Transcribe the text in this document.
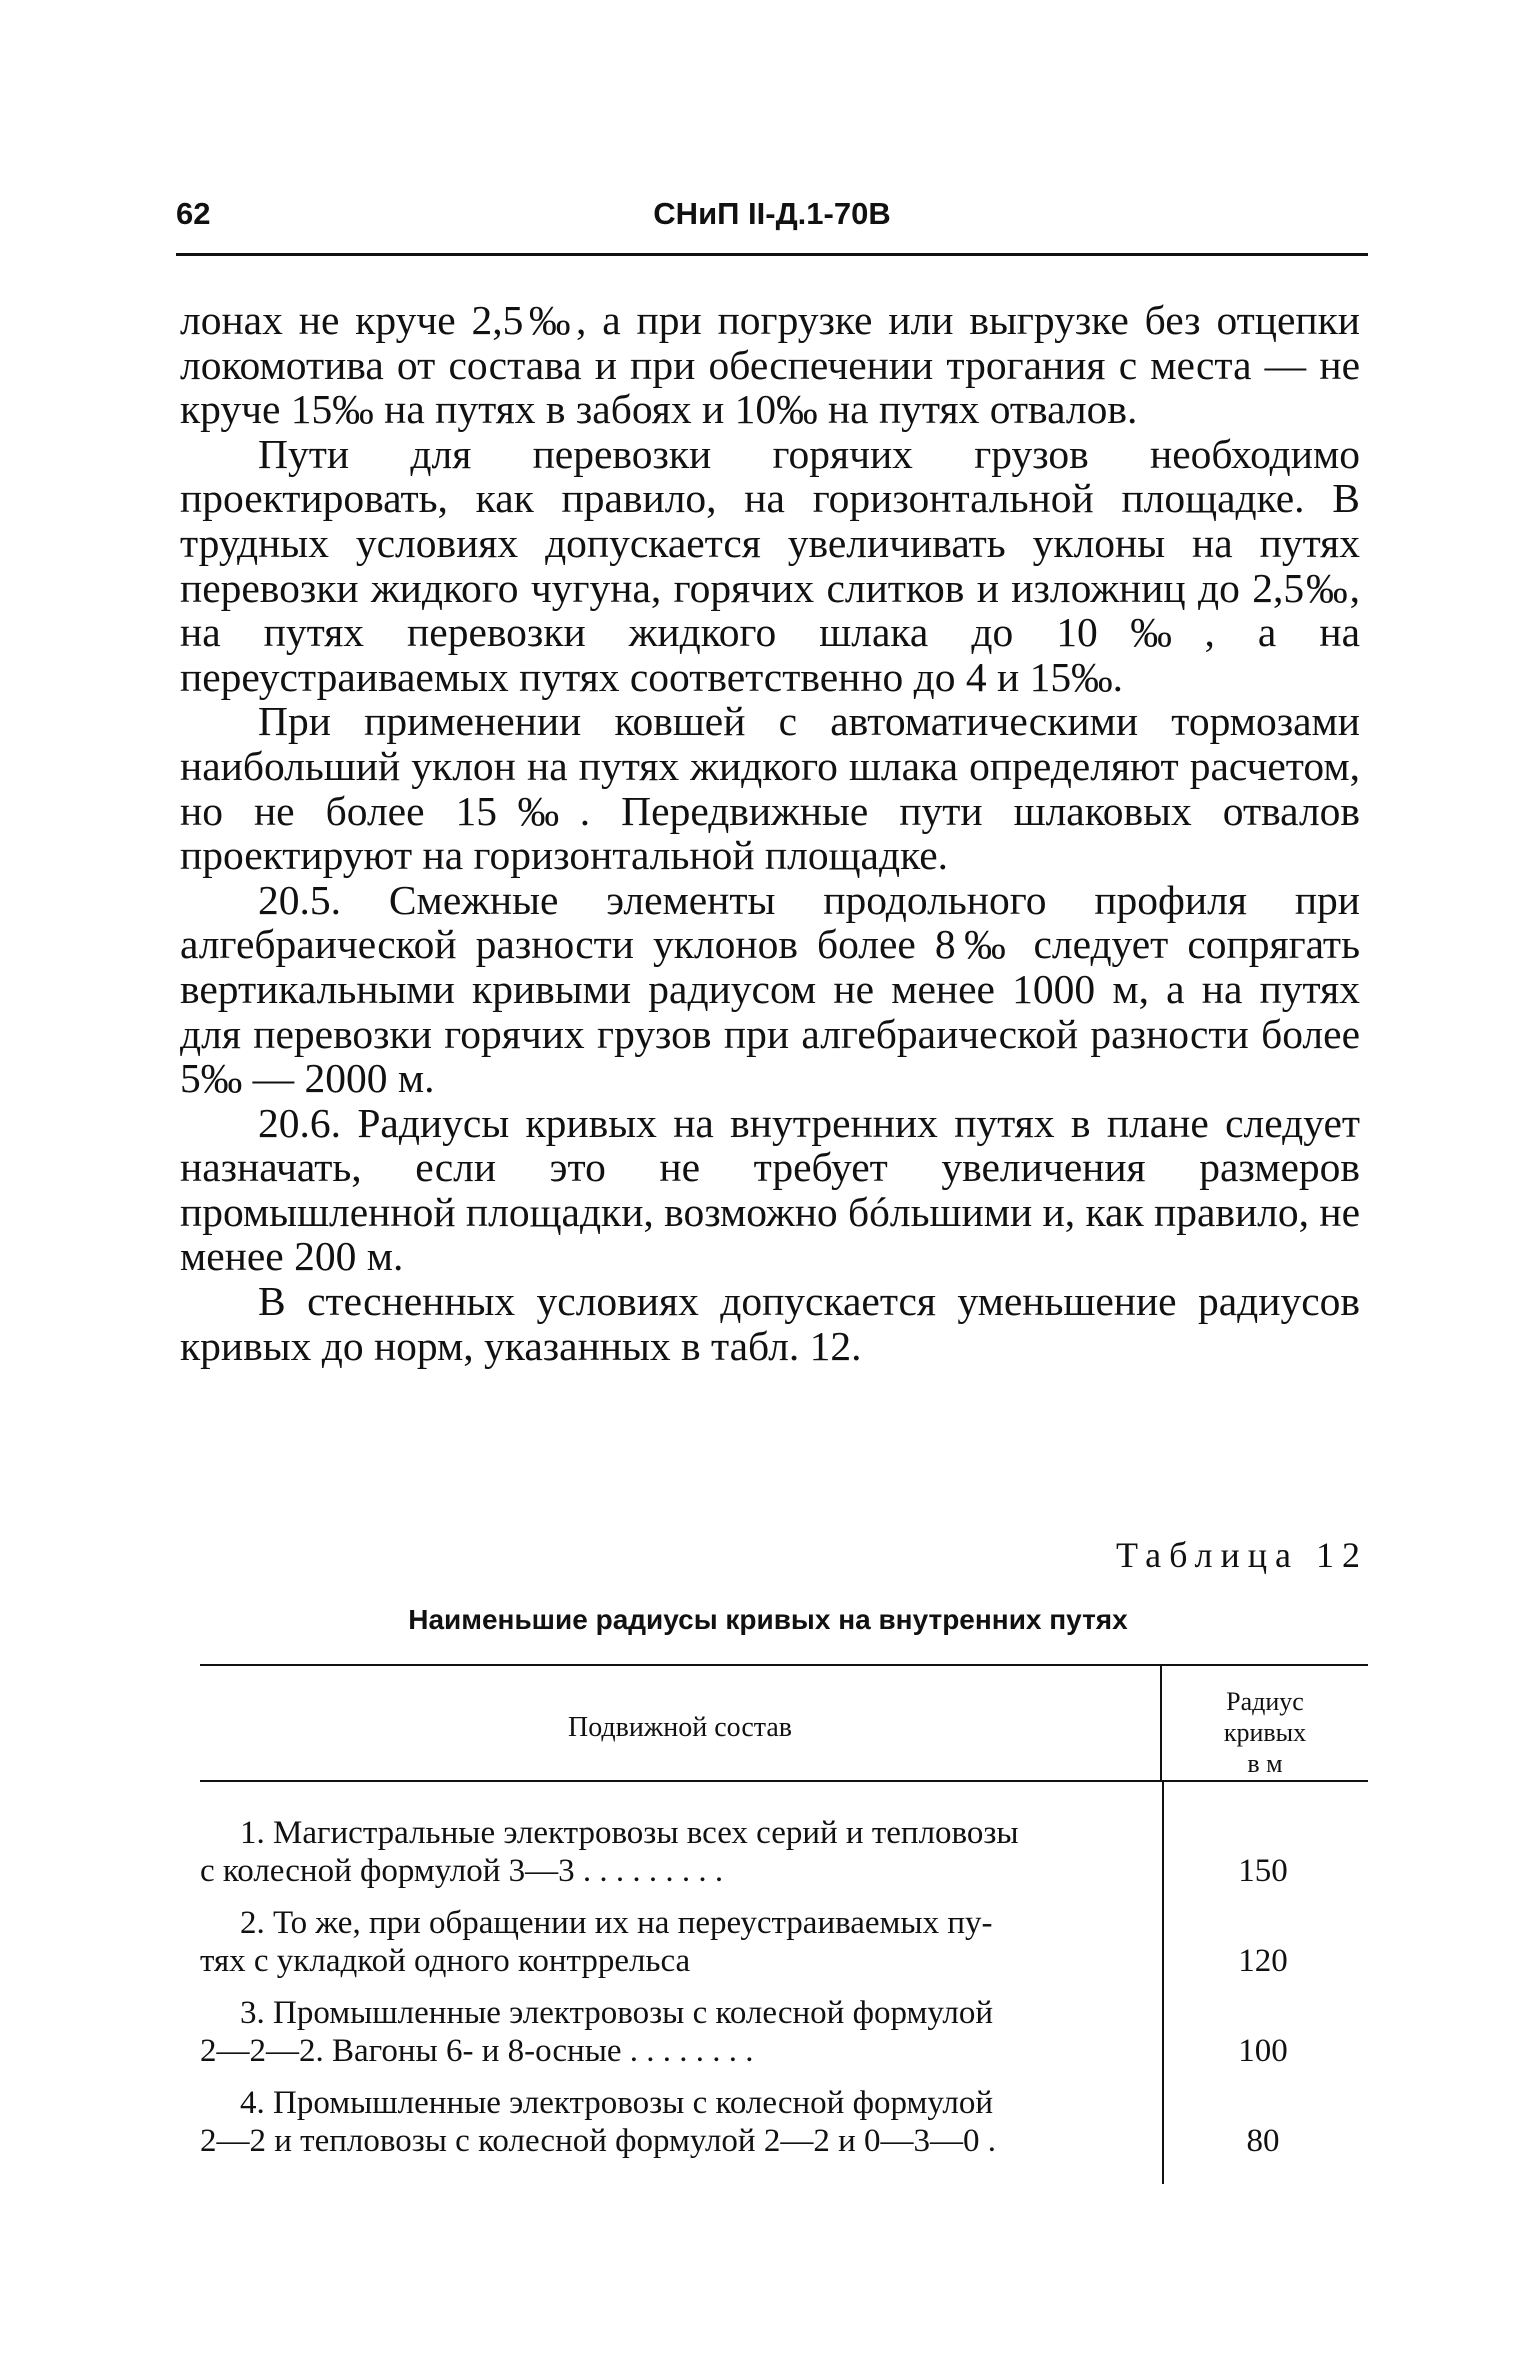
62	СНиП II-Д.1-70В

лонах не круче 2,5‰, а при погрузке или выгрузке без отцепки локомотива от состава и при обеспечении трогания с места — не круче 15‰ на путях в забоях и 10‰ на путях отвалов.

Пути для перевозки горячих грузов необходимо проектировать, как правило, на горизонтальной площадке. В трудных условиях допускается увеличивать уклоны на путях перевозки жидкого чугуна, горячих слитков и изложниц до 2,5‰, на путях перевозки жидкого шлака до 10‰, а на переустраиваемых путях соответственно до 4 и 15‰.

При применении ковшей с автоматическими тормозами наибольший уклон на путях жидкого шлака определяют расчетом, но не более 15‰. Передвижные пути шлаковых отвалов проектируют на горизонтальной площадке.

20.5. Смежные элементы продольного профиля при алгебраической разности уклонов более 8‰ следует сопрягать вертикальными кривыми радиусом не менее 1000 м, а на путях для перевозки горячих грузов при алгебраической разности более 5‰ — 2000 м.

20.6. Радиусы кривых на внутренних путях в плане следует назначать, если это не требует увеличения размеров промышленной площадки, возможно бóльшими и, как правило, не менее 200 м.

В стесненных условиях допускается уменьшение радиусов кривых до норм, указанных в табл. 12.

Таблица 12
Наименьшие радиусы кривых на внутренних путях
Подвижной состав
Радиус
кривых
в м
1. Магистральные электровозы всех серий и тепловозы
с колесной формулой 3—3 . . . . . . . . .	150
2. То же, при обращении их на переустраиваемых пу-
тях с укладкой одного контррельса	120
3. Промышленные электровозы с колесной формулой
2—2—2. Вагоны 6- и 8-осные . . . . . . . .	100
4. Промышленные электровозы с колесной формулой
2—2 и тепловозы с колесной формулой 2—2 и 0—3—0 .	80
